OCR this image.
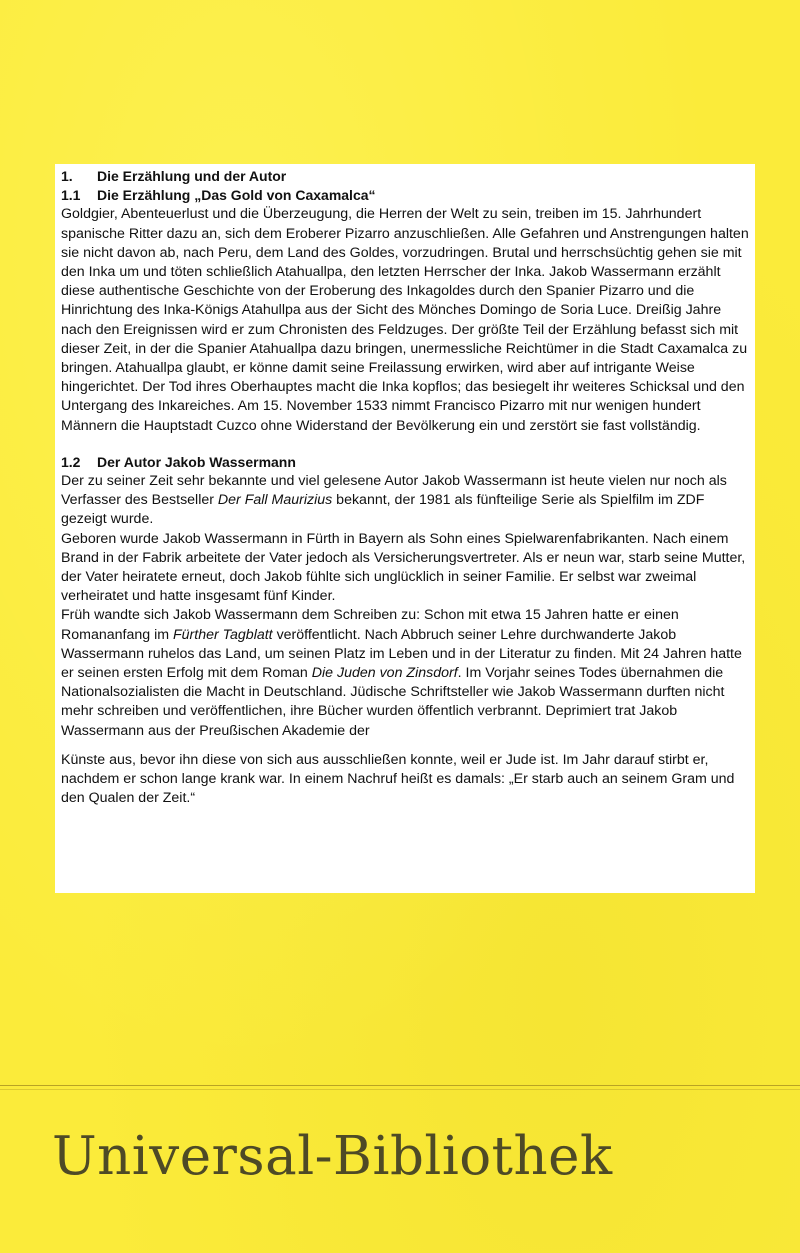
1.	Die Erzählung und der Autor
1.1	Die Erzählung „Das Gold von Caxamalca“

Goldgier, Abenteuerlust und die Überzeugung, die Herren der Welt zu sein, treiben im 15. Jahrhundert spanische Ritter dazu an, sich dem Eroberer Pizarro anzuschließen. Alle Gefahren und Anstrengungen halten sie nicht davon ab, nach Peru, dem Land des Goldes, vorzudringen. Brutal und herrschsüchtig gehen sie mit den Inka um und töten schließlich Atahuallpa, den letzten Herrscher der Inka. Jakob Wassermann erzählt diese authentische Geschichte von der Eroberung des Inkagoldes durch den Spanier Pizarro und die Hinrichtung des Inka-Königs Atahullpa aus der Sicht des Mönches Domingo de Soria Luce. Dreißig Jahre nach den Ereignissen wird er zum Chronisten des Feldzuges. Der größte Teil der Erzählung befasst sich mit dieser Zeit, in der die Spanier Atahuallpa dazu bringen, unermessliche Reichtümer in die Stadt Caxamalca zu bringen. Atahuallpa glaubt, er könne damit seine Freilassung erwirken, wird aber auf intrigante Weise hingerichtet. Der Tod ihres Oberhauptes macht die Inka kopflos; das besiegelt ihr weiteres Schicksal und den Untergang des Inkareiches. Am 15. November 1533 nimmt Francisco Pizarro mit nur wenigen hundert Männern die Hauptstadt Cuzco ohne Widerstand der Bevölkerung ein und zerstört sie fast vollständig.

1.2	Der Autor Jakob Wassermann

Der zu seiner Zeit sehr bekannte und viel gelesene Autor Jakob Wassermann ist heute vielen nur noch als Verfasser des Bestseller Der Fall Maurizius bekannt, der 1981 als fünfteilige Serie als Spielfilm im ZDF gezeigt wurde.

Geboren wurde Jakob Wassermann in Fürth in Bayern als Sohn eines Spielwarenfabrikanten. Nach einem Brand in der Fabrik arbeitete der Vater jedoch als Versicherungsvertreter. Als er neun war, starb seine Mutter, der Vater heiratete erneut, doch Jakob fühlte sich unglücklich in seiner Familie. Er selbst war zweimal verheiratet und hatte insgesamt fünf Kinder.

Früh wandte sich Jakob Wassermann dem Schreiben zu: Schon mit etwa 15 Jahren hatte er einen Romananfang im Fürther Tagblatt veröffentlicht. Nach Abbruch seiner Lehre durchwanderte Jakob Wassermann ruhelos das Land, um seinen Platz im Leben und in der Literatur zu finden. Mit 24 Jahren hatte er seinen ersten Erfolg mit dem Roman Die Juden von Zinsdorf. Im Vorjahr seines Todes übernahmen die Nationalsozialisten die Macht in Deutschland. Jüdische Schriftsteller wie Jakob Wassermann durften nicht mehr schreiben und veröffentlichen, ihre Bücher wurden öffentlich verbrannt. Deprimiert trat Jakob Wassermann aus der Preußischen Akademie der

Künste aus, bevor ihn diese von sich aus ausschließen konnte, weil er Jude ist. Im Jahr darauf stirbt er, nachdem er schon lange krank war. In einem Nachruf heißt es damals: „Er starb auch an seinem Gram und den Qualen der Zeit.“

Universal-Bibliothek
